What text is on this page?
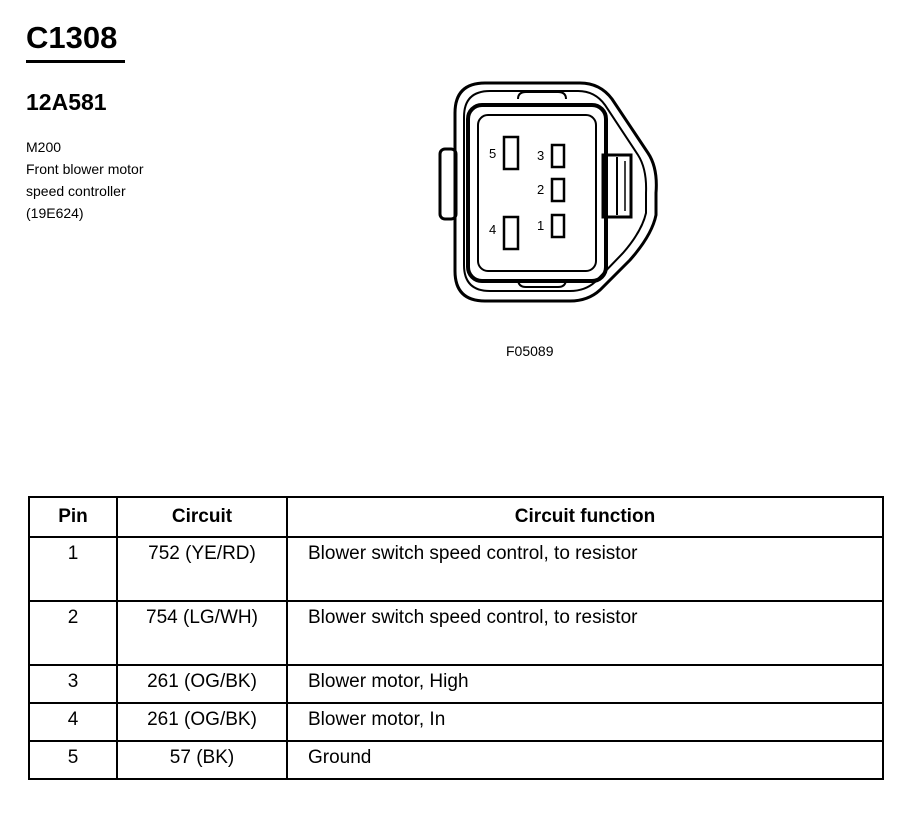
C1308
12A581
M200
Front blower motor
speed controller
(19E624)
5	3
2
4	1
F05089
Pin	Circuit	Circuit function
1	752 (YE/RD)	Blower switch speed control, to resistor
2	754 (LG/WH)	Blower switch speed control, to resistor
3	261 (OG/BK)	Blower motor, High
4	261 (OG/BK)	Blower motor, In
5	57 (BK)	Ground
